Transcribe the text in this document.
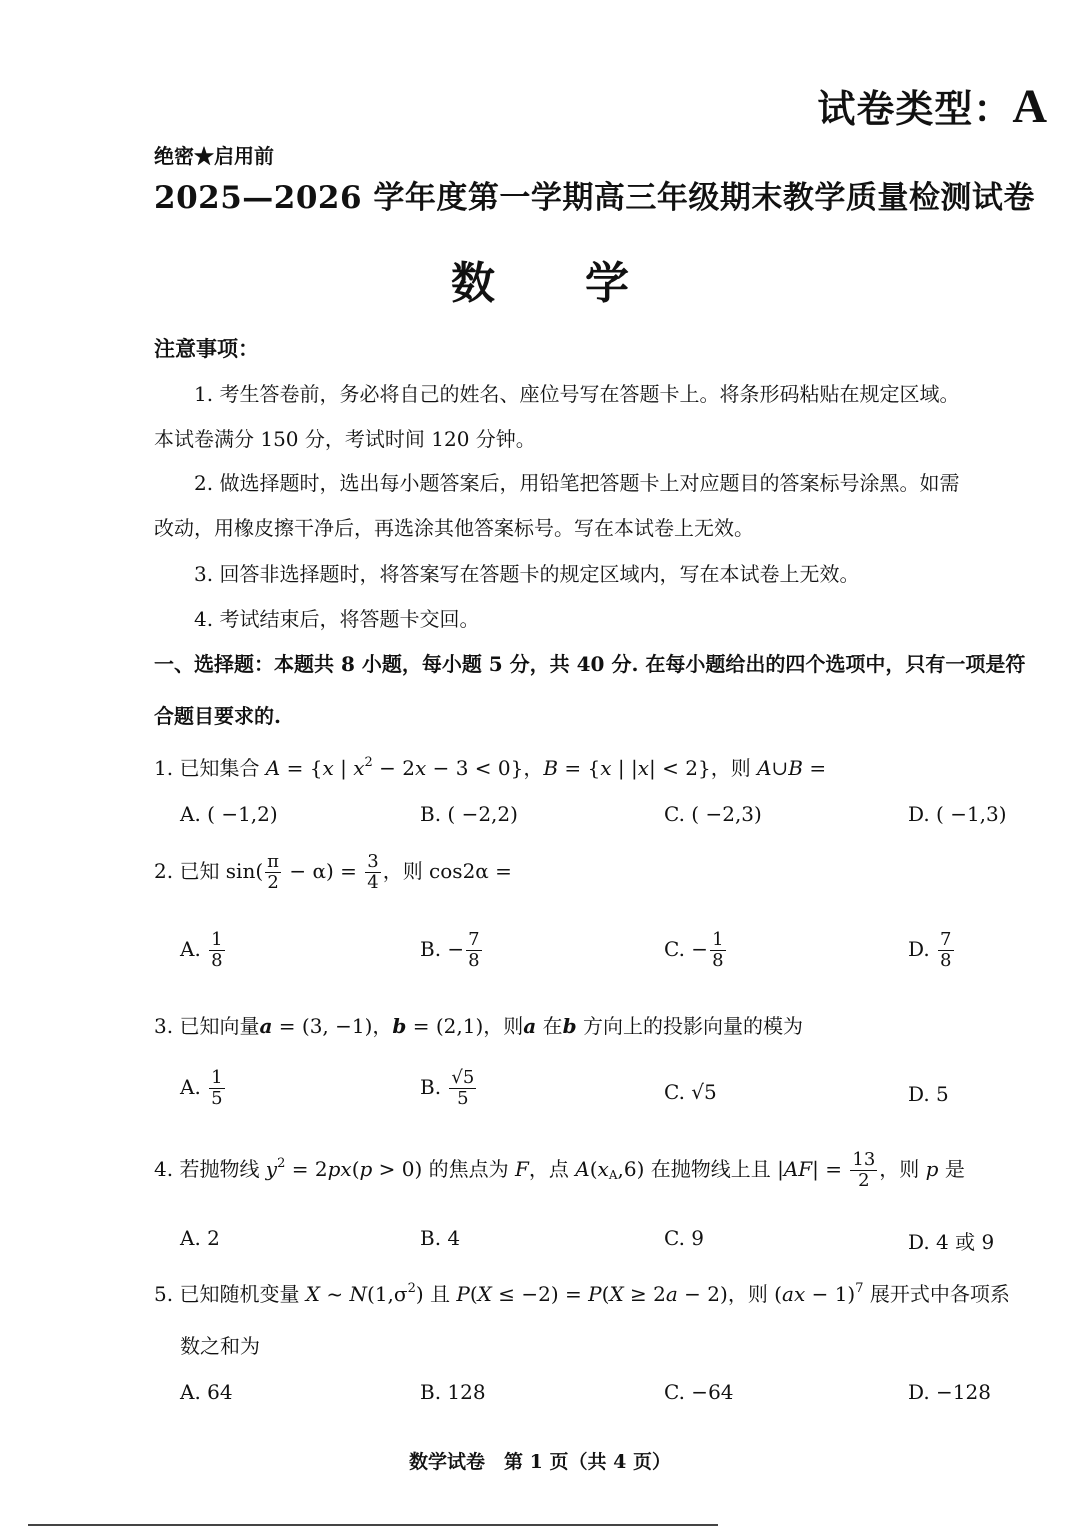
试卷类型：A
绝密★启用前
2025—2026 学年度第一学期高三年级期末教学质量检测试卷
数学
注意事项：
1. 考生答卷前，务必将自己的姓名、座位号写在答题卡上。将条形码粘贴在规定区域。
本试卷满分 150 分，考试时间 120 分钟。
2. 做选择题时，选出每小题答案后，用铅笔把答题卡上对应题目的答案标号涂黑。如需
改动，用橡皮擦干净后，再选涂其他答案标号。写在本试卷上无效。
3. 回答非选择题时，将答案写在答题卡的规定区域内，写在本试卷上无效。
4. 考试结束后，将答题卡交回。
一、选择题：本题共 8 小题，每小题 5 分，共 40 分. 在每小题给出的四个选项中，只有一项是符
合题目要求的.
1. 已知集合 A = {x | $x^2 - 2x - 3 < 0$}，B = {x | |x| < 2}，则 A∪B =
A. ( −1,2)	B. ( −2,2)	C. ( −2,3)	D. ( −1,3)
2. 已知 $\sin( \frac{\pi}{2} - \alpha) = \frac{3}{4}$ ，则 cos2α =
A. $\frac{1}{8}$	B. − $\frac{7}{8}$	C. − $\frac{1}{8}$	D. $\frac{7}{8}$
3. 已知向量a = (3, −1)，b = (2,1)，则a 在b 方向上的投影向量的模为
A. $\frac{1}{5}$	B. $\frac{√5}{5}$	C. √5	D. 5
4. 若抛物线 $y^2 = 2px(p > 0)$ 的焦点为 F，点 $A(x_A,6)$ 在抛物线上且 $|AF| = \frac{13}{2}$ ，则 p 是
A. 2	B. 4	C. 9	D. 4 或 9
5. 已知随机变量 X ~ $N(1,\sigma^2)$ 且 P(X ≤ −2) = P(X ≥ 2a − 2)，则 (ax − 1)$^7$ 展开式中各项系
数之和为
A. 64	B. 128	C. −64	D. −128
数学试卷　第 1 页（共 4 页）
